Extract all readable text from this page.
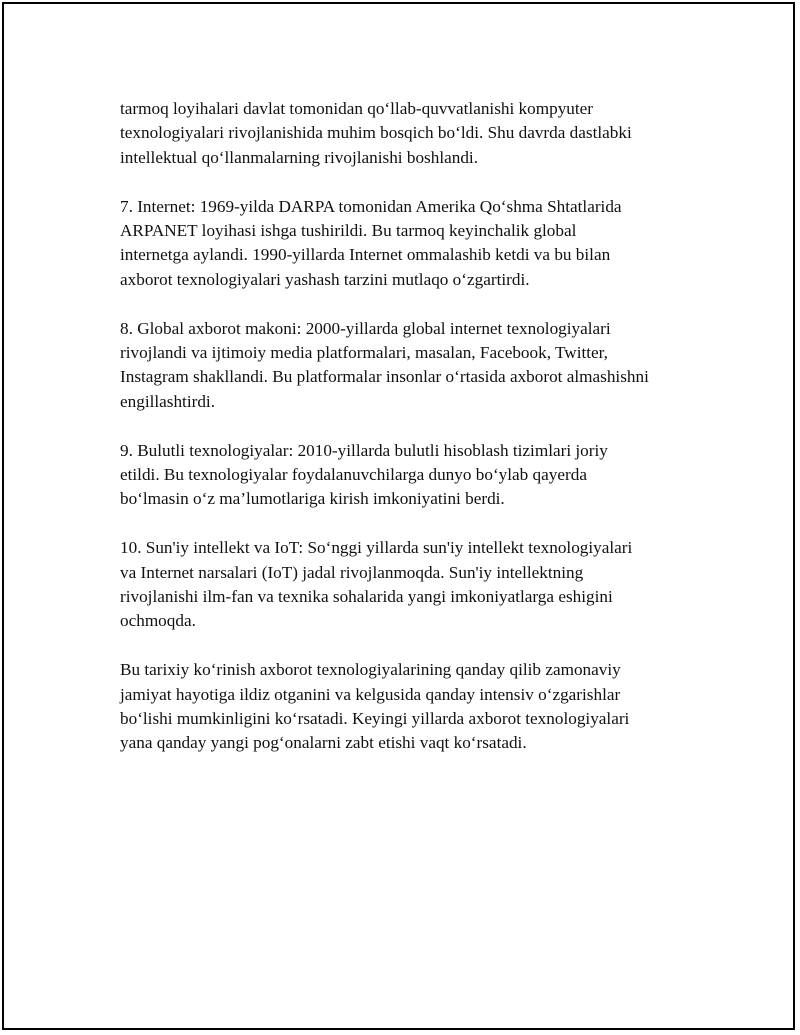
tarmoq loyihalari davlat tomonidan qo‘llab-quvvatlanishi kompyuter
texnologiyalari rivojlanishida muhim bosqich bo‘ldi. Shu davrda dastlabki
intellektual qo‘llanmalarning rivojlanishi boshlandi.

7. Internet: 1969-yilda DARPA tomonidan Amerika Qo‘shma Shtatlarida
ARPANET loyihasi ishga tushirildi. Bu tarmoq keyinchalik global
internetga aylandi. 1990-yillarda Internet ommalashib ketdi va bu bilan
axborot texnologiyalari yashash tarzini mutlaqo o‘zgartirdi.

8. Global axborot makoni: 2000-yillarda global internet texnologiyalari
rivojlandi va ijtimoiy media platformalari, masalan, Facebook, Twitter,
Instagram shakllandi. Bu platformalar insonlar o‘rtasida axborot almashishni
engillashtirdi.

9. Bulutli texnologiyalar: 2010-yillarda bulutli hisoblash tizimlari joriy
etildi. Bu texnologiyalar foydalanuvchilarga dunyo bo‘ylab qayerda
bo‘lmasin o‘z ma’lumotlariga kirish imkoniyatini berdi.

10. Sun'iy intellekt va IoT: So‘nggi yillarda sun'iy intellekt texnologiyalari
va Internet narsalari (IoT) jadal rivojlanmoqda. Sun'iy intellektning
rivojlanishi ilm-fan va texnika sohalarida yangi imkoniyatlarga eshigini
ochmoqda.

Bu tarixiy ko‘rinish axborot texnologiyalarining qanday qilib zamonaviy
jamiyat hayotiga ildiz otganini va kelgusida qanday intensiv o‘zgarishlar
bo‘lishi mumkinligini ko‘rsatadi. Keyingi yillarda axborot texnologiyalari
yana qanday yangi pog‘onalarni zabt etishi vaqt ko‘rsatadi.
